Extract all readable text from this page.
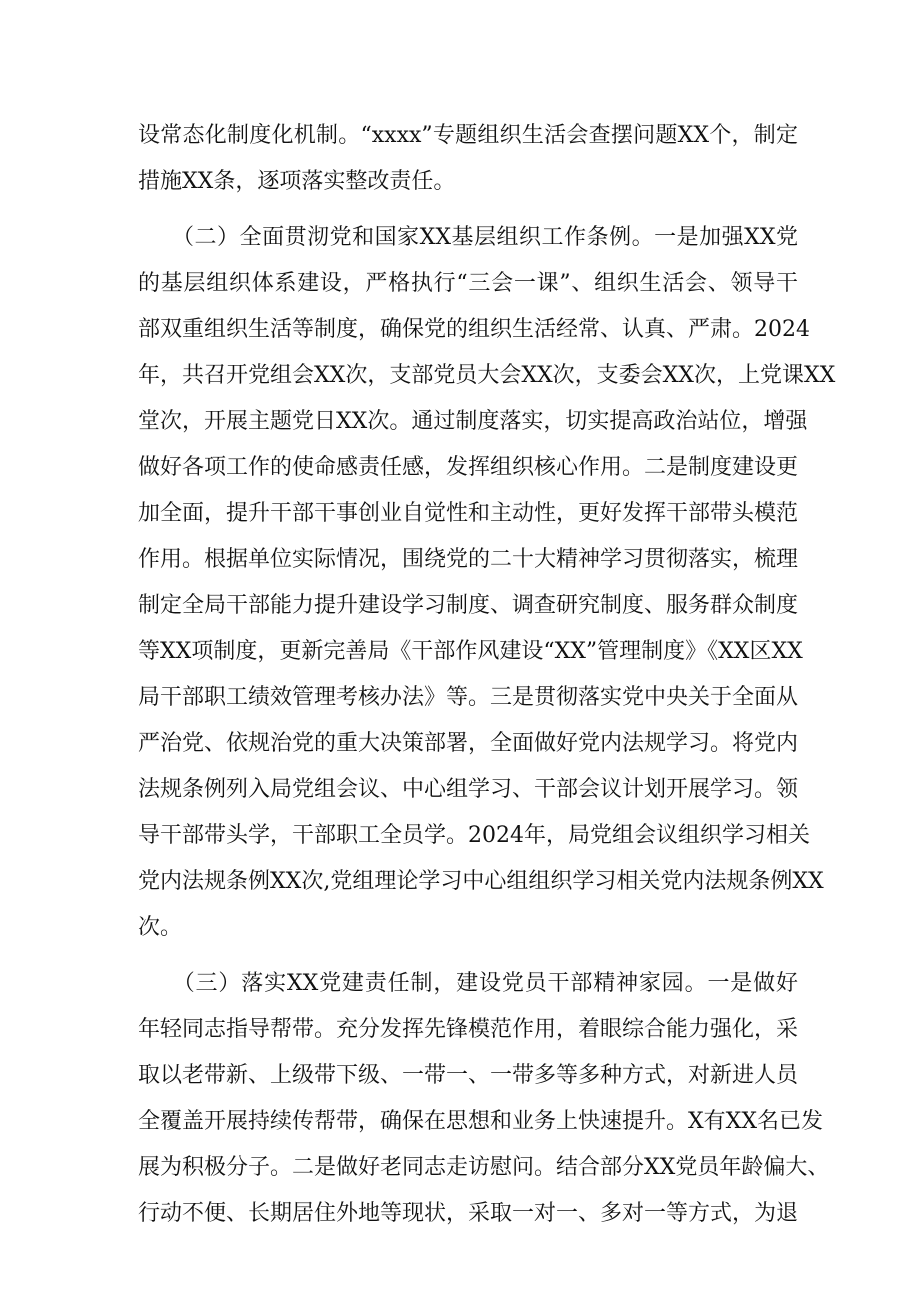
设常态化制度化机制。“xxxx”专题组织生活会查摆问题XX个，制定
措施XX条，逐项落实整改责任。
　　（二）全面贯沏党和国家XX基层组织工作条例。一是加强XX党
的基层组织体系建设，严格执行“三会一课”、组织生活会、领导干
部双重组织生活等制度，确保党的组织生活经常、认真、严肃。2024
年，共召开党组会XX次，支部党员大会XX次，支委会XX次，上党课XX
堂次，开展主题党日XX次。通过制度落实，切实提高政治站位，增强
做好各项工作的使命感责任感，发挥组织核心作用。二是制度建设更
加全面，提升干部干事创业自觉性和主动性，更好发挥干部带头模范
作用。根据单位实际情况，围绕党的二十大精神学习贯彻落实，梳理
制定全局干部能力提升建设学习制度、调查研究制度、服务群众制度
等XX项制度，更新完善局《干部作风建设“XX”管理制度》《XX区XX
局干部职工绩效管理考核办法》等。三是贯彻落实党中央关于全面从
严治党、依规治党的重大决策部署，全面做好党内法规学习。将党内
法规条例列入局党组会议、中心组学习、干部会议计划开展学习。领
导干部带头学，干部职工全员学。2024年，局党组会议组织学习相关
党内法规条例XX次,党组理论学习中心组组织学习相关党内法规条例XX
次。
　　（三）落实XX党建责任制，建设党员干部精神家园。一是做好
年轻同志指导帮带。充分发挥先锋模范作用，着眼综合能力强化，采
取以老带新、上级带下级、一带一、一带多等多种方式，对新进人员
全覆盖开展持续传帮带，确保在思想和业务上快速提升。X有XX名已发
展为积极分子。二是做好老同志走访慰问。结合部分XX党员年龄偏大、
行动不便、长期居住外地等现状，采取一对一、多对一等方式，为退
